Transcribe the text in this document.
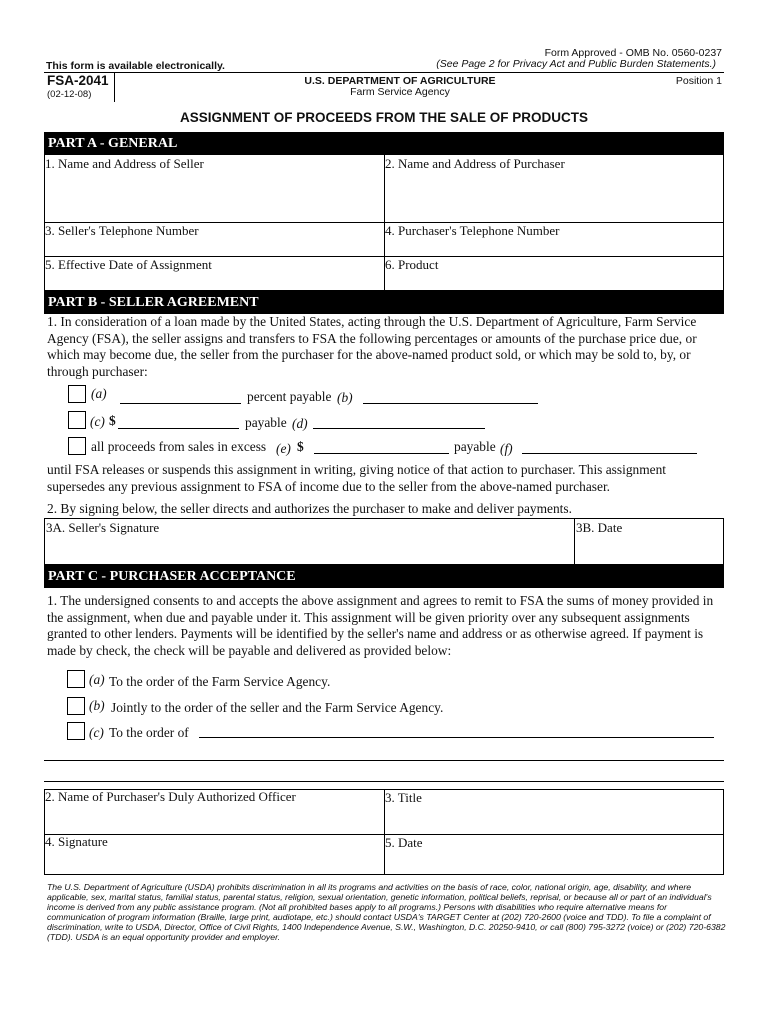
Form Approved - OMB No. 0560-0237
(See Page 2 for Privacy Act and Public Burden Statements.)
This form is available electronically.
FSA-2041
(02-12-08)
U.S. DEPARTMENT OF AGRICULTURE
Farm Service Agency
Position 1
ASSIGNMENT OF PROCEEDS FROM THE SALE OF PRODUCTS
PART A - GENERAL
1. Name and Address of Seller	2. Name and Address of Purchaser
3. Seller's Telephone Number	4. Purchaser's Telephone Number
5. Effective Date of Assignment	6. Product
PART B - SELLER AGREEMENT
1. In consideration of a loan made by the United States, acting through the U.S. Department of Agriculture, Farm Service Agency (FSA), the seller assigns and transfers to FSA the following percentages or amounts of the purchase price due, or which may become due, the seller from the purchaser for the above-named product sold, or which may be sold to, by, or through purchaser:
(a)	percent payable (b)
(c) $	payable (d)
all proceeds from sales in excess (e) $	payable (f)
until FSA releases or suspends this assignment in writing, giving notice of that action to purchaser. This assignment supersedes any previous assignment to FSA of income due to the seller from the above-named purchaser.
2. By signing below, the seller directs and authorizes the purchaser to make and deliver payments.
3A. Seller's Signature	3B. Date
PART C - PURCHASER ACCEPTANCE
1. The undersigned consents to and accepts the above assignment and agrees to remit to FSA the sums of money provided in the assignment, when due and payable under it. This assignment will be given priority over any subsequent assignments granted to other lenders. Payments will be identified by the seller's name and address or as otherwise agreed. If payment is made by check, the check will be payable and delivered as provided below:
(a) To the order of the Farm Service Agency.
(b) Jointly to the order of the seller and the Farm Service Agency.
(c) To the order of
2. Name of Purchaser's Duly Authorized Officer	3. Title
4. Signature	5. Date
The U.S. Department of Agriculture (USDA) prohibits discrimination in all its programs and activities on the basis of race, color, national origin, age, disability, and where applicable, sex, marital status, familial status, parental status, religion, sexual orientation, genetic information, political beliefs, reprisal, or because all or part of an individual's income is derived from any public assistance program. (Not all prohibited bases apply to all programs.) Persons with disabilities who require alternative means for communication of program information (Braille, large print, audiotape, etc.) should contact USDA's TARGET Center at (202) 720-2600 (voice and TDD). To file a complaint of discrimination, write to USDA, Director, Office of Civil Rights, 1400 Independence Avenue, S.W., Washington, D.C. 20250-9410, or call (800) 795-3272 (voice) or (202) 720-6382 (TDD). USDA is an equal opportunity provider and employer.
